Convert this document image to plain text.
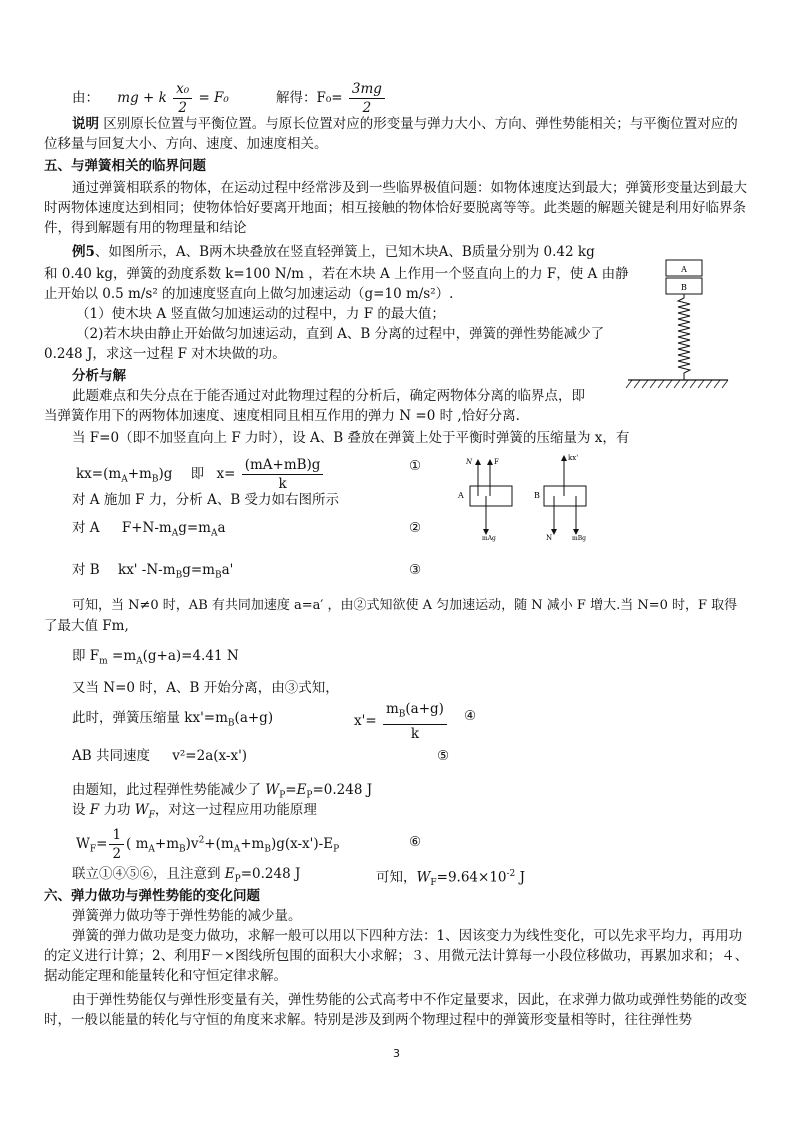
由： mg + k $\frac{\text{x₀}}{2} = F_0$	解得：$F_0= \frac{3mg}{2}$
说明 区别原长位置与平衡位置。与原长位置对应的形变量与弹力大小、方向、弹性势能相关；与平衡位置对应的位移量与回复大小、方向、速度、加速度相关。
五、与弹簧相关的临界问题
通过弹簧相联系的物体，在运动过程中经常涉及到一些临界极值问题：如物体速度达到最大；弹簧形变量达到最大时两物体速度达到相同；使物体恰好要离开地面；相互接触的物体恰好要脱离等等。此类题的解题关键是利用好临界条件，得到解题有用的物理量和结论
例5、如图所示，A、B两木块叠放在竖直轻弹簧上，已知木块A、B质量分别为 0.42 kg
和 0.40 kg，弹簧的劲度系数 k=100 N/m ，若在木块 A 上作用一个竖直向上的力 F，使 A 由静
止开始以 0.5 m/s² 的加速度竖直向上做匀加速运动（g=10 m/s²）.
（1）使木块 A 竖直做匀加速运动的过程中，力 F 的最大值；
（2)若木块由静止开始做匀加速运动，直到 A、B 分离的过程中，弹簧的弹性势能减少了
0.248 J，求这一过程 F 对木块做的功。
A
B
分析与解
此题难点和失分点在于能否通过对此物理过程的分析后，确定两物体分离的临界点，即
当弹簧作用下的两物体加速度、速度相同且相互作用的弹力 N =0 时 ,恰好分离.
当 F=0（即不加竖直向上 F 力时），设 A、B 叠放在弹簧上处于平衡时弹簧的压缩量为 x，有
$kx=(m_A+m_B)g$ 即 $x= \frac{(mA+mB)g}{k}$	①
对 A 施加 F 力，分析 A、B 受力如右图所示
对 A $F+N-m_Ag=m_Aa$	②
对 B kx' $-N-m_Bg=m_Ba'$	③
A
N	F
mAg
B
kx'
N	mBg
可知，当 N≠0 时，AB 有共同加速度 a=a′ ，由②式知欲使 A 匀加速运动，随 N 减小 F 增大.当 N=0 时，F 取得
了最大值 Fm,
即 $F_m =m_A(g+a)=4.41$ N
又当 N=0 时，A、B 开始分离，由③式知，
此时，弹簧压缩量 $kx'=m_B(a+g)$	$x'= \frac{m_B(a+g)}{k}$ ④
AB 共同速度 v²=2a(x-x')	⑤
由题知，此过程弹性势能减少了 $W_P=E_P=0.248$ J
设 F 力功 $W_F$，对这一过程应用功能原理
$W_F= \frac{1}{2}$ ( $m_A+m_B)v^2+(m_A+m_B)g(x-x')-E_P$	⑥
联立①④⑤⑥，且注意到 $E_P=0.248$ J	可知，$W_F=9.64\times 10^{-2}$ J
六、弹力做功与弹性势能的变化问题
弹簧弹力做功等于弹性势能的减少量。
弹簧的弹力做功是变力做功，求解一般可以用以下四种方法：1、因该变力为线性变化，可以先求平均力，再用功的定义进行计算；2、利用F－×图线所包围的面积大小求解；３、用微元法计算每一小段位移做功，再累加求和；４、据动能定理和能量转化和守恒定律求解。
由于弹性势能仅与弹性形变量有关，弹性势能的公式高考中不作定量要求，因此，在求弹力做功或弹性势能的改变时，一般以能量的转化与守恒的角度来求解。特别是涉及到两个物理过程中的弹簧形变量相等时，往往弹性势
3
